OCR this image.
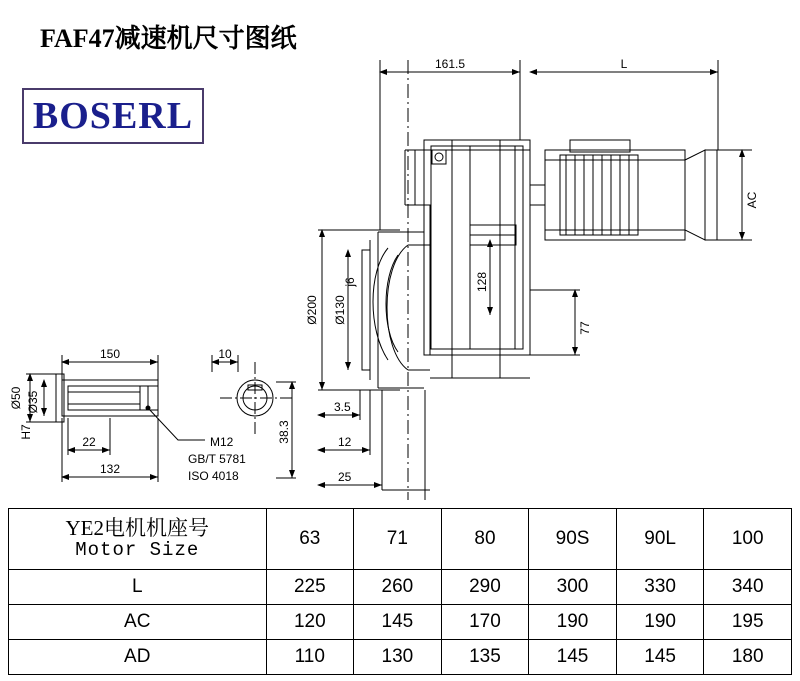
FAF47减速机尺寸图纸
BOSERL
161.5	L
AC
128
77
Ø200 Ø130
j6
3.5
12
25
150	10
22
132
Ø50 Ø35
H7	38.3
M12
GB/T 5781
ISO 4018
YE2电机机座号
Motor Size	63	71	80	90S	90L	100
L	225	260	290	300	330	340
AC	120	145	170	190	190	195
AD	110	130	135	145	145	180
